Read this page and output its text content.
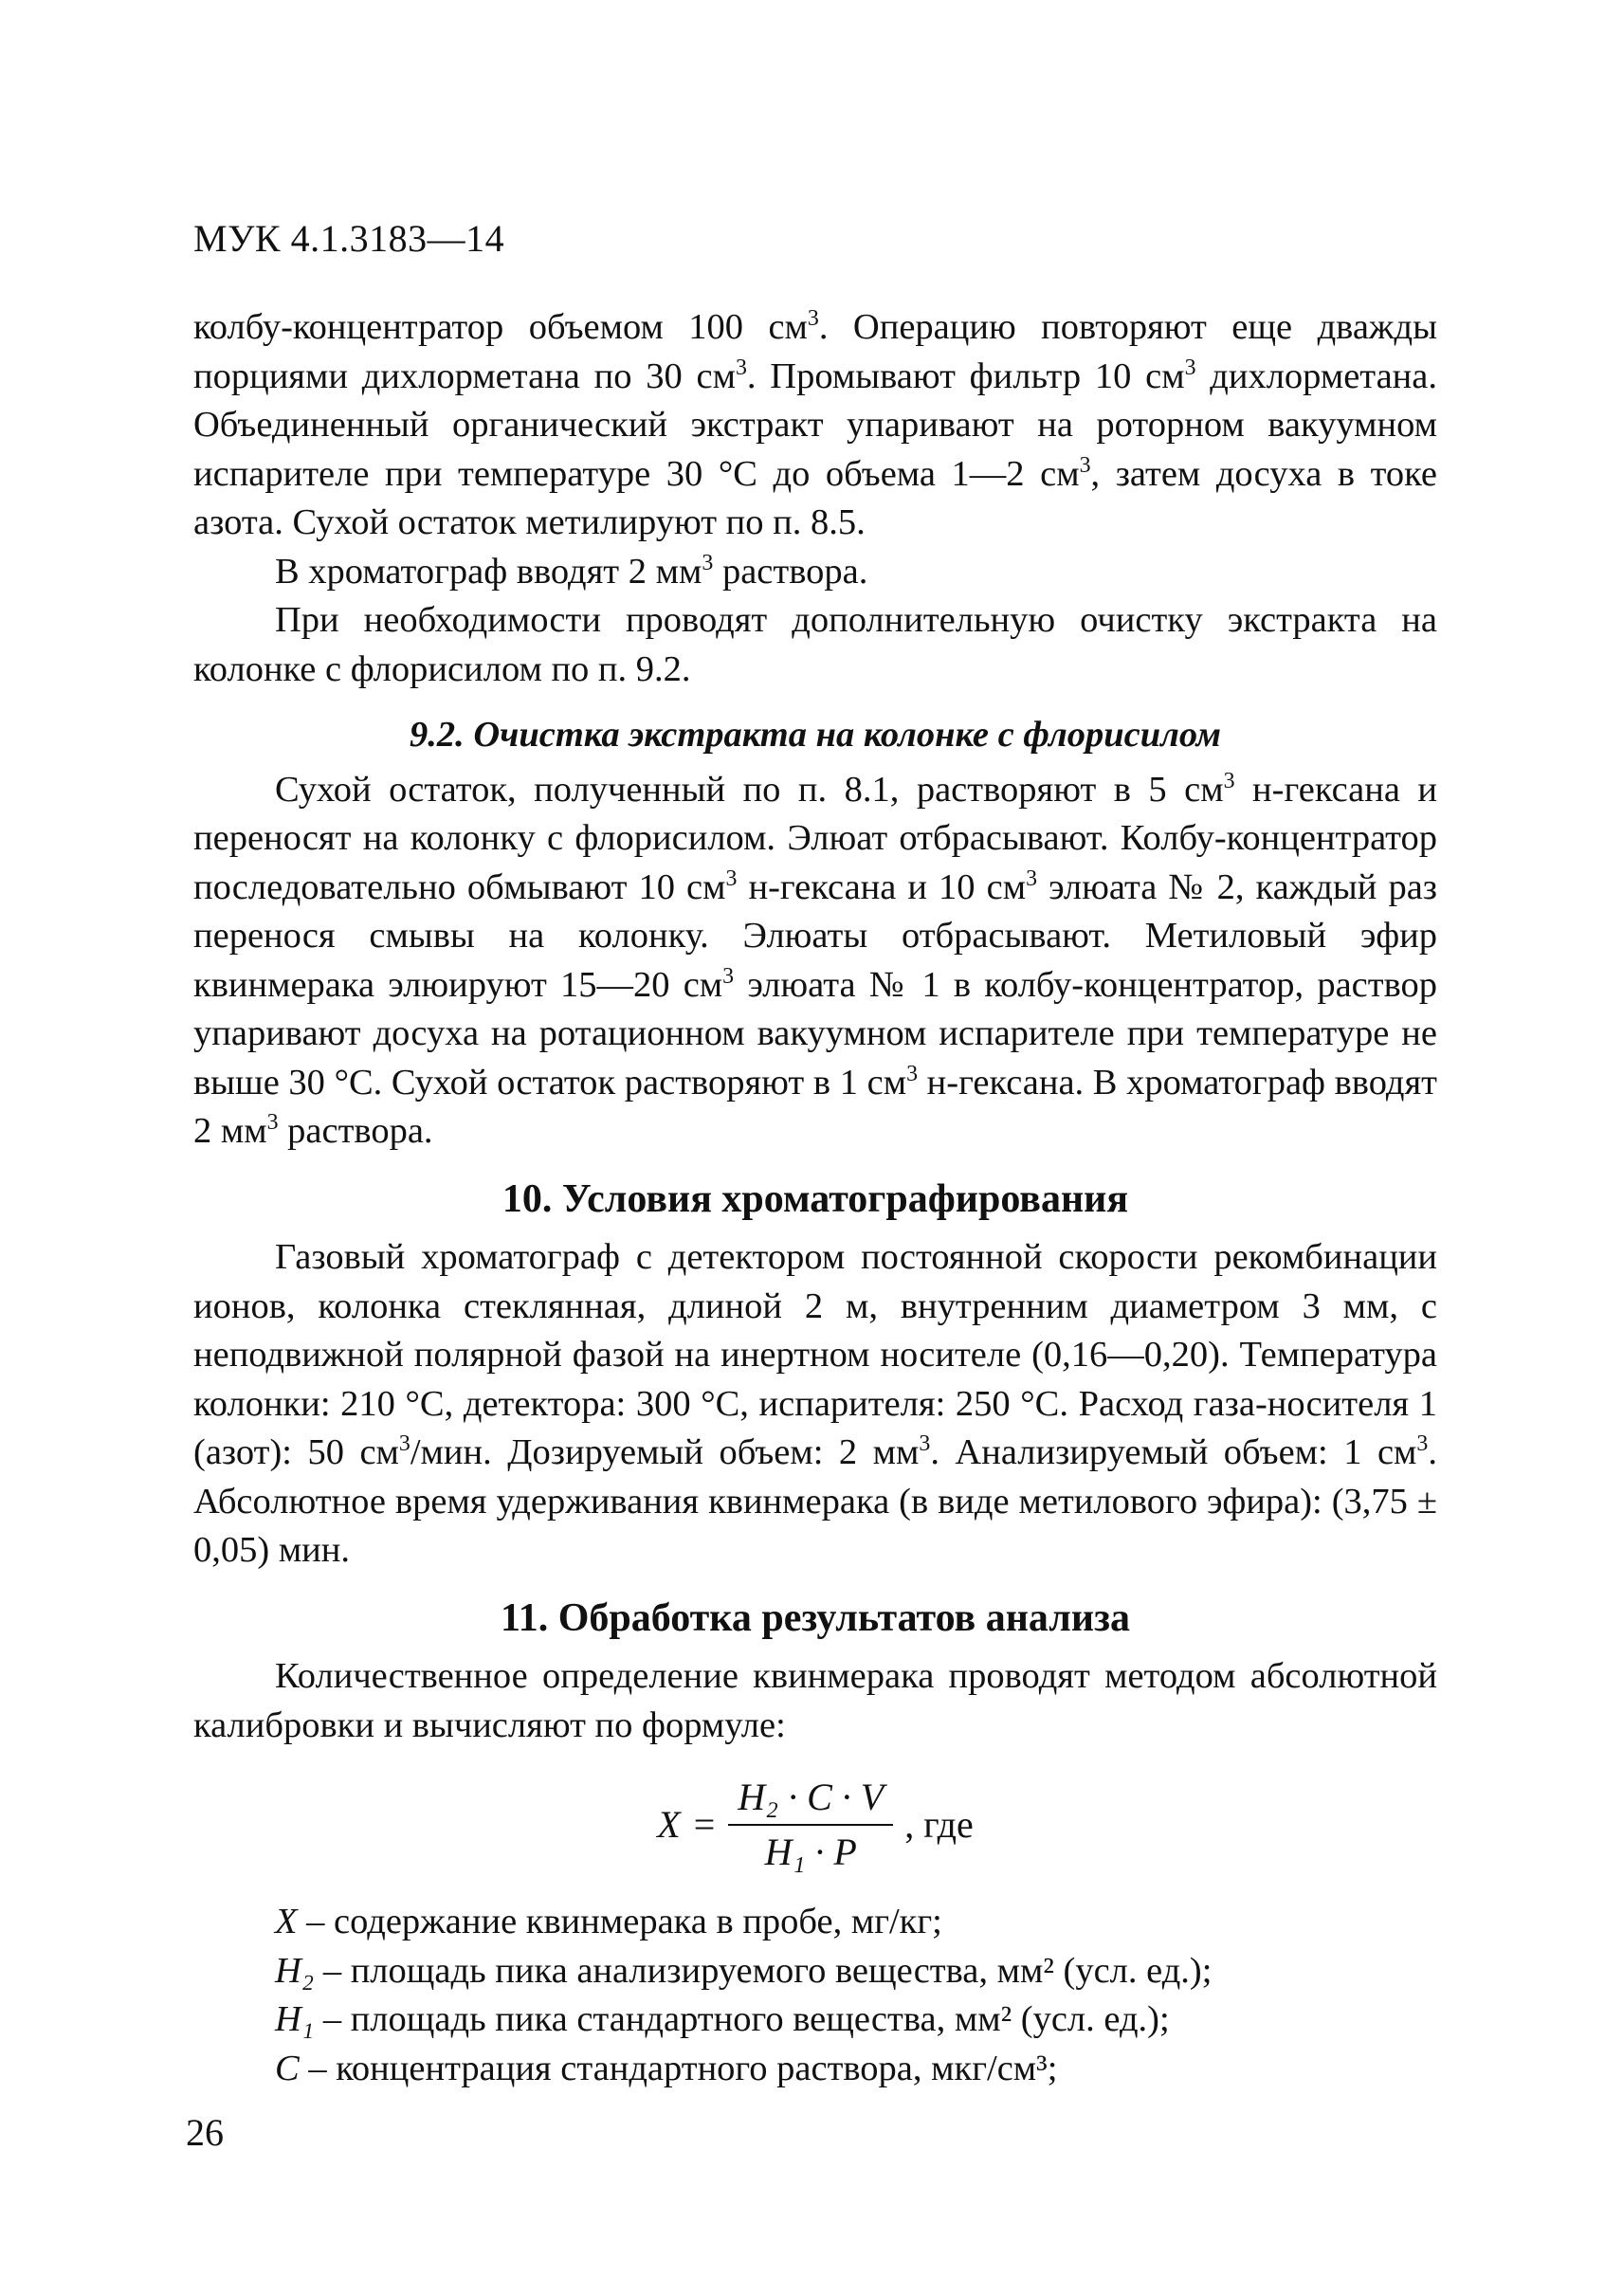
МУК 4.1.3183—14

колбу-концентратор объемом 100 $см^3$. Операцию повторяют еще дважды порциями дихлорметана по 30 $см^3$. Промывают фильтр 10 $см^3$ дихлорметана. Объединенный органический экстракт упаривают на роторном вакуумном испарителе при температуре 30 °С до объема 1—2 $см^3$, затем досуха в токе азота. Сухой остаток метилируют по п. 8.5.

В хроматограф вводят 2 $мм^3$ раствора.

При необходимости проводят дополнительную очистку экстракта на колонке с флорисилом по п. 9.2.

9.2. Очистка экстракта на колонке с флорисилом

Сухой остаток, полученный по п. 8.1, растворяют в 5 $см^3$ н-гексана и переносят на колонку с флорисилом. Элюат отбрасывают. Колбу-концентратор последовательно обмывают 10 $см^3$ н-гексана и 10 $см^3$ элюата № 2, каждый раз перенося смывы на колонку. Элюаты отбрасывают. Метиловый эфир квинмерака элюируют 15—20 $см^3$ элюата № 1 в колбу-концентратор, раствор упаривают досуха на ротационном вакуумном испарителе при температуре не выше 30 °С. Сухой остаток растворяют в 1 $см^3$ н-гексана. В хроматограф вводят 2 $мм^3$ раствора.

10. Условия хроматографирования

Газовый хроматограф с детектором постоянной скорости рекомбинации ионов, колонка стеклянная, длиной 2 м, внутренним диаметром 3 мм, с неподвижной полярной фазой на инертном носителе (0,16—0,20). Температура колонки: 210 °С, детектора: 300 °С, испарителя: 250 °С. Расход газа-носителя 1 (азот): 50 $см^3$/мин. Дозируемый объем: 2 $мм^3$. Анализируемый объем: 1 $см^3$. Абсолютное время удерживания квинмерака (в виде метилового эфира): (3,75 ± 0,05) мин.

11. Обработка результатов анализа

Количественное определение квинмерака проводят методом абсолютной калибровки и вычисляют по формуле:

$X = \frac{\text{H₂ · C · V}}{\text{H₁ · P}}$ , где
X – содержание квинмерака в пробе, мг/кг;
H₂ – площадь пика анализируемого вещества, мм² (усл. ед.);
H₁ – площадь пика стандартного вещества, мм² (усл. ед.);
C – концентрация стандартного раствора, мкг/см³;
26
